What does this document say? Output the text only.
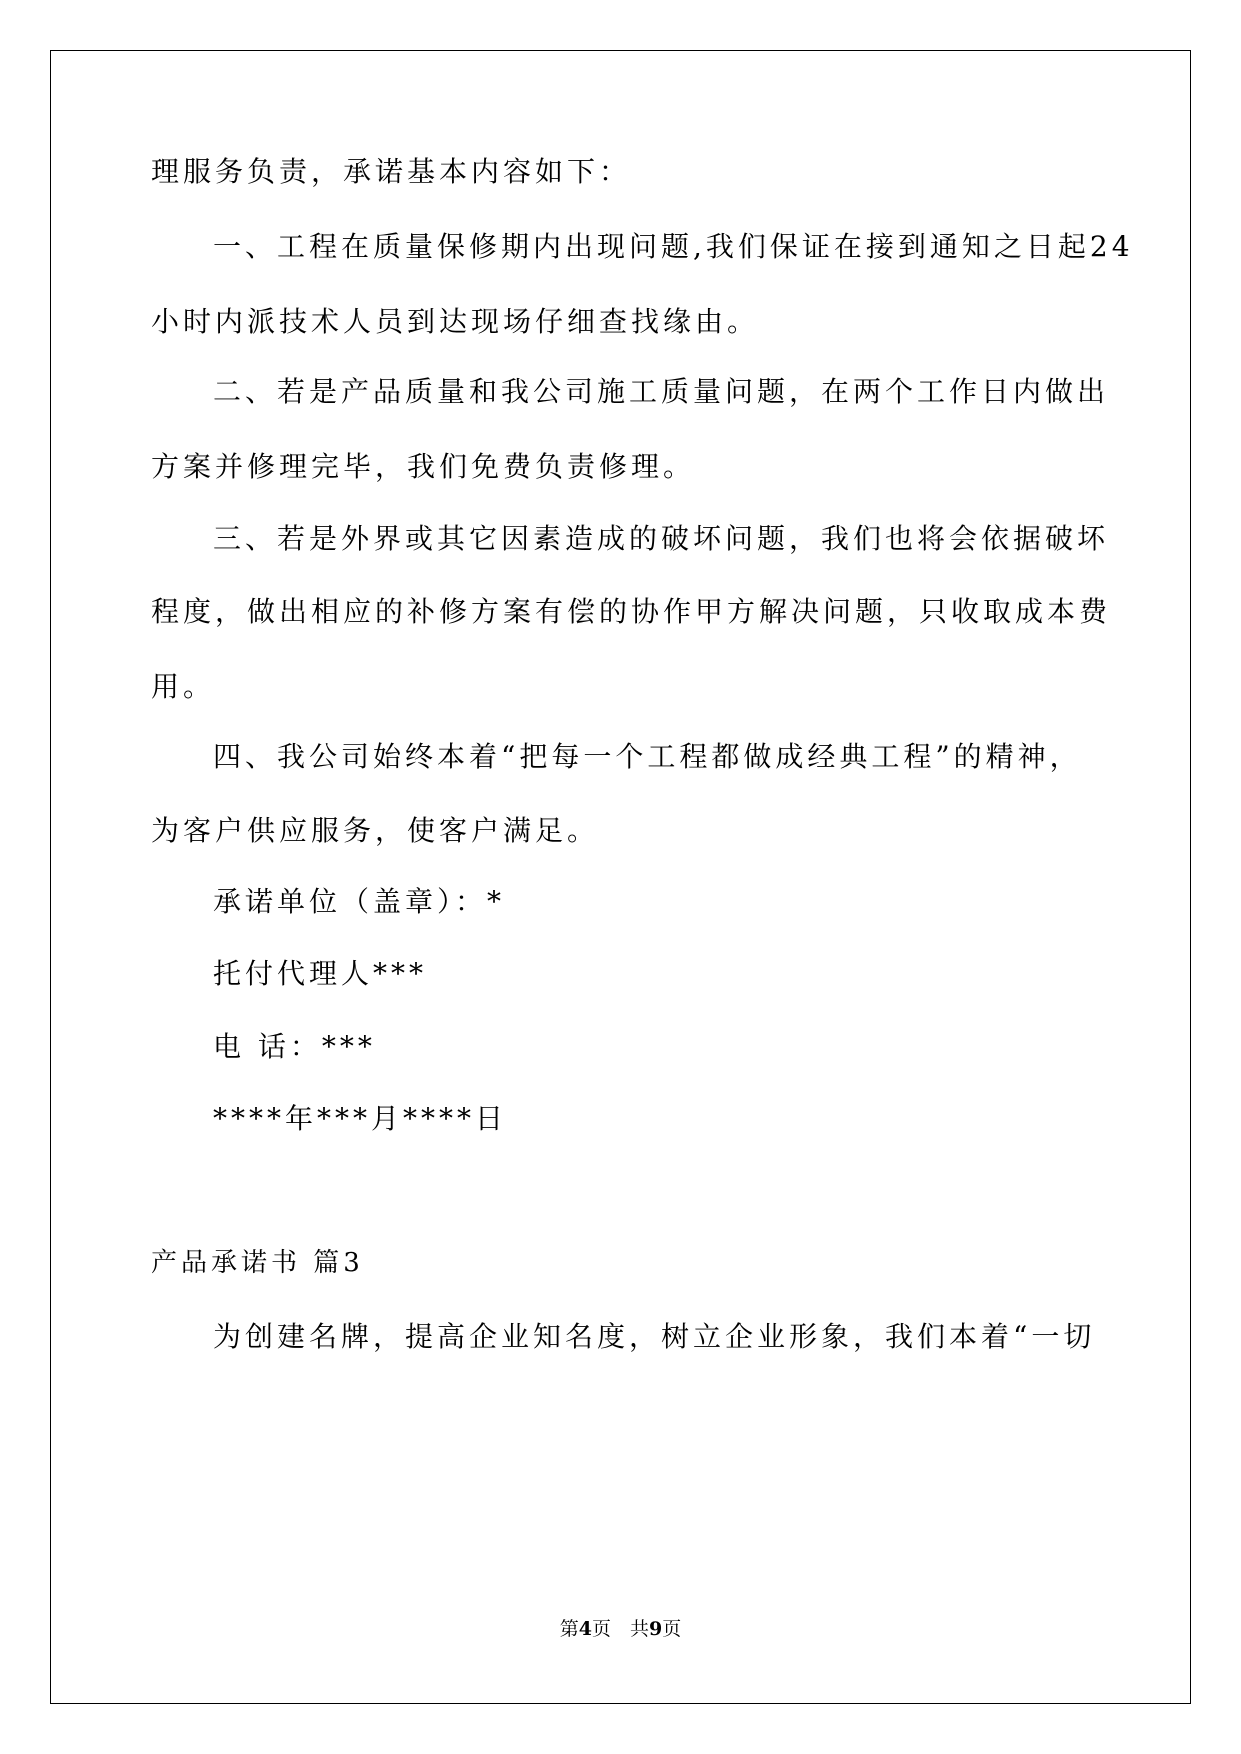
理服务负责，承诺基本内容如下：
一、工程在质量保修期内出现问题,我们保证在接到通知之日起24
小时内派技术人员到达现场仔细查找缘由。
二、若是产品质量和我公司施工质量问题，在两个工作日内做出
方案并修理完毕，我们免费负责修理。
三、若是外界或其它因素造成的破坏问题，我们也将会依据破坏
程度，做出相应的补修方案有偿的协作甲方解决问题，只收取成本费
用。
四、我公司始终本着“把每一个工程都做成经典工程”的精神，
为客户供应服务，使客户满足。
承诺单位（盖章）：*
托付代理人***
电 话：***
****年***月****日
产品承诺书 篇3
为创建名牌，提高企业知名度，树立企业形象，我们本着“一切
第4页　共9页
